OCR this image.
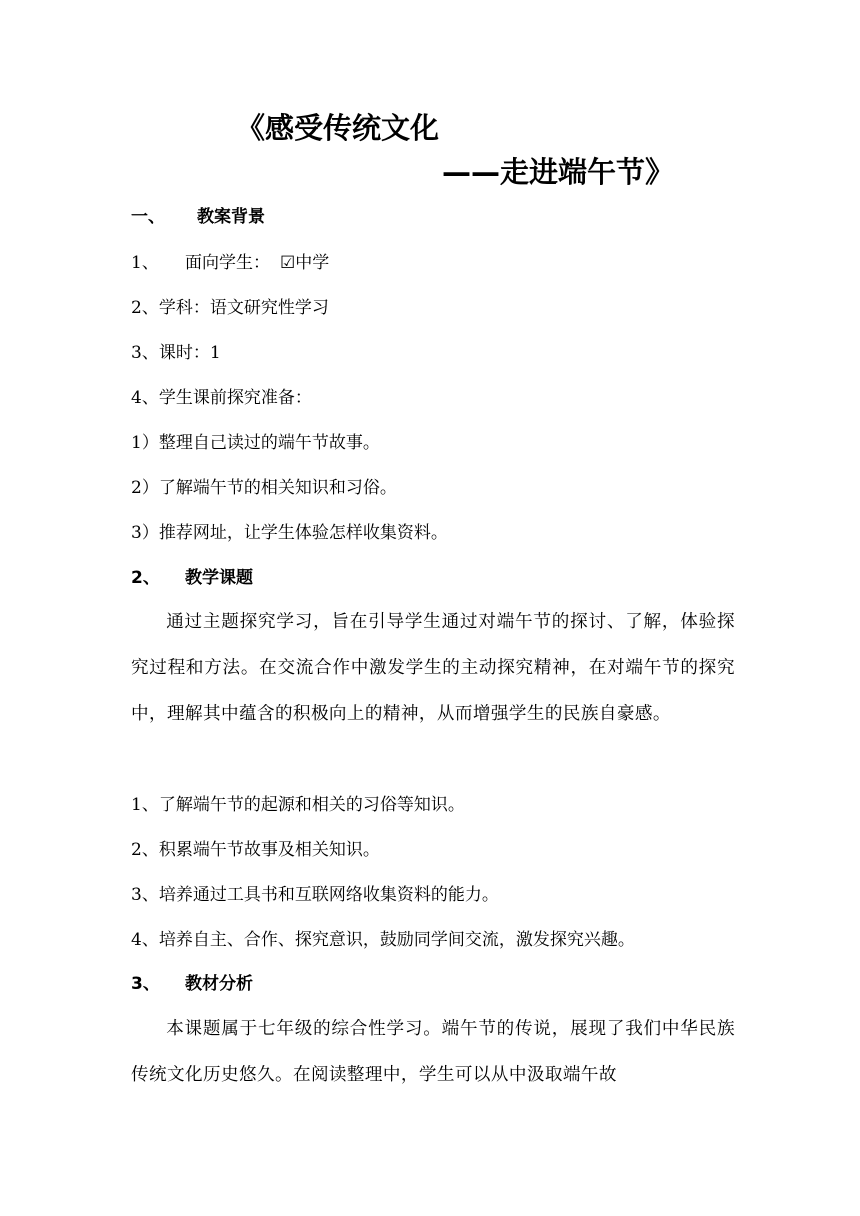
《感受传统文化
——走进端午节》
一、 教案背景
1、 面向学生： ☑中学
2、学科：语文研究性学习
3、课时：1
4、学生课前探究准备：
1）整理自己读过的端午节故事。
2）了解端午节的相关知识和习俗。
3）推荐网址，让学生体验怎样收集资料。
2、 教学课题
通过主题探究学习，旨在引导学生通过对端午节的探讨、了解，体验探究过程和方法。在交流合作中激发学生的主动探究精神，在对端午节的探究中，理解其中蕴含的积极向上的精神，从而增强学生的民族自豪感。
1、了解端午节的起源和相关的习俗等知识。
2、积累端午节故事及相关知识。
3、培养通过工具书和互联网络收集资料的能力。
4、培养自主、合作、探究意识，鼓励同学间交流，激发探究兴趣。
3、 教材分析
本课题属于七年级的综合性学习。端午节的传说，展现了我们中华民族传统文化历史悠久。在阅读整理中，学生可以从中汲取端午故
